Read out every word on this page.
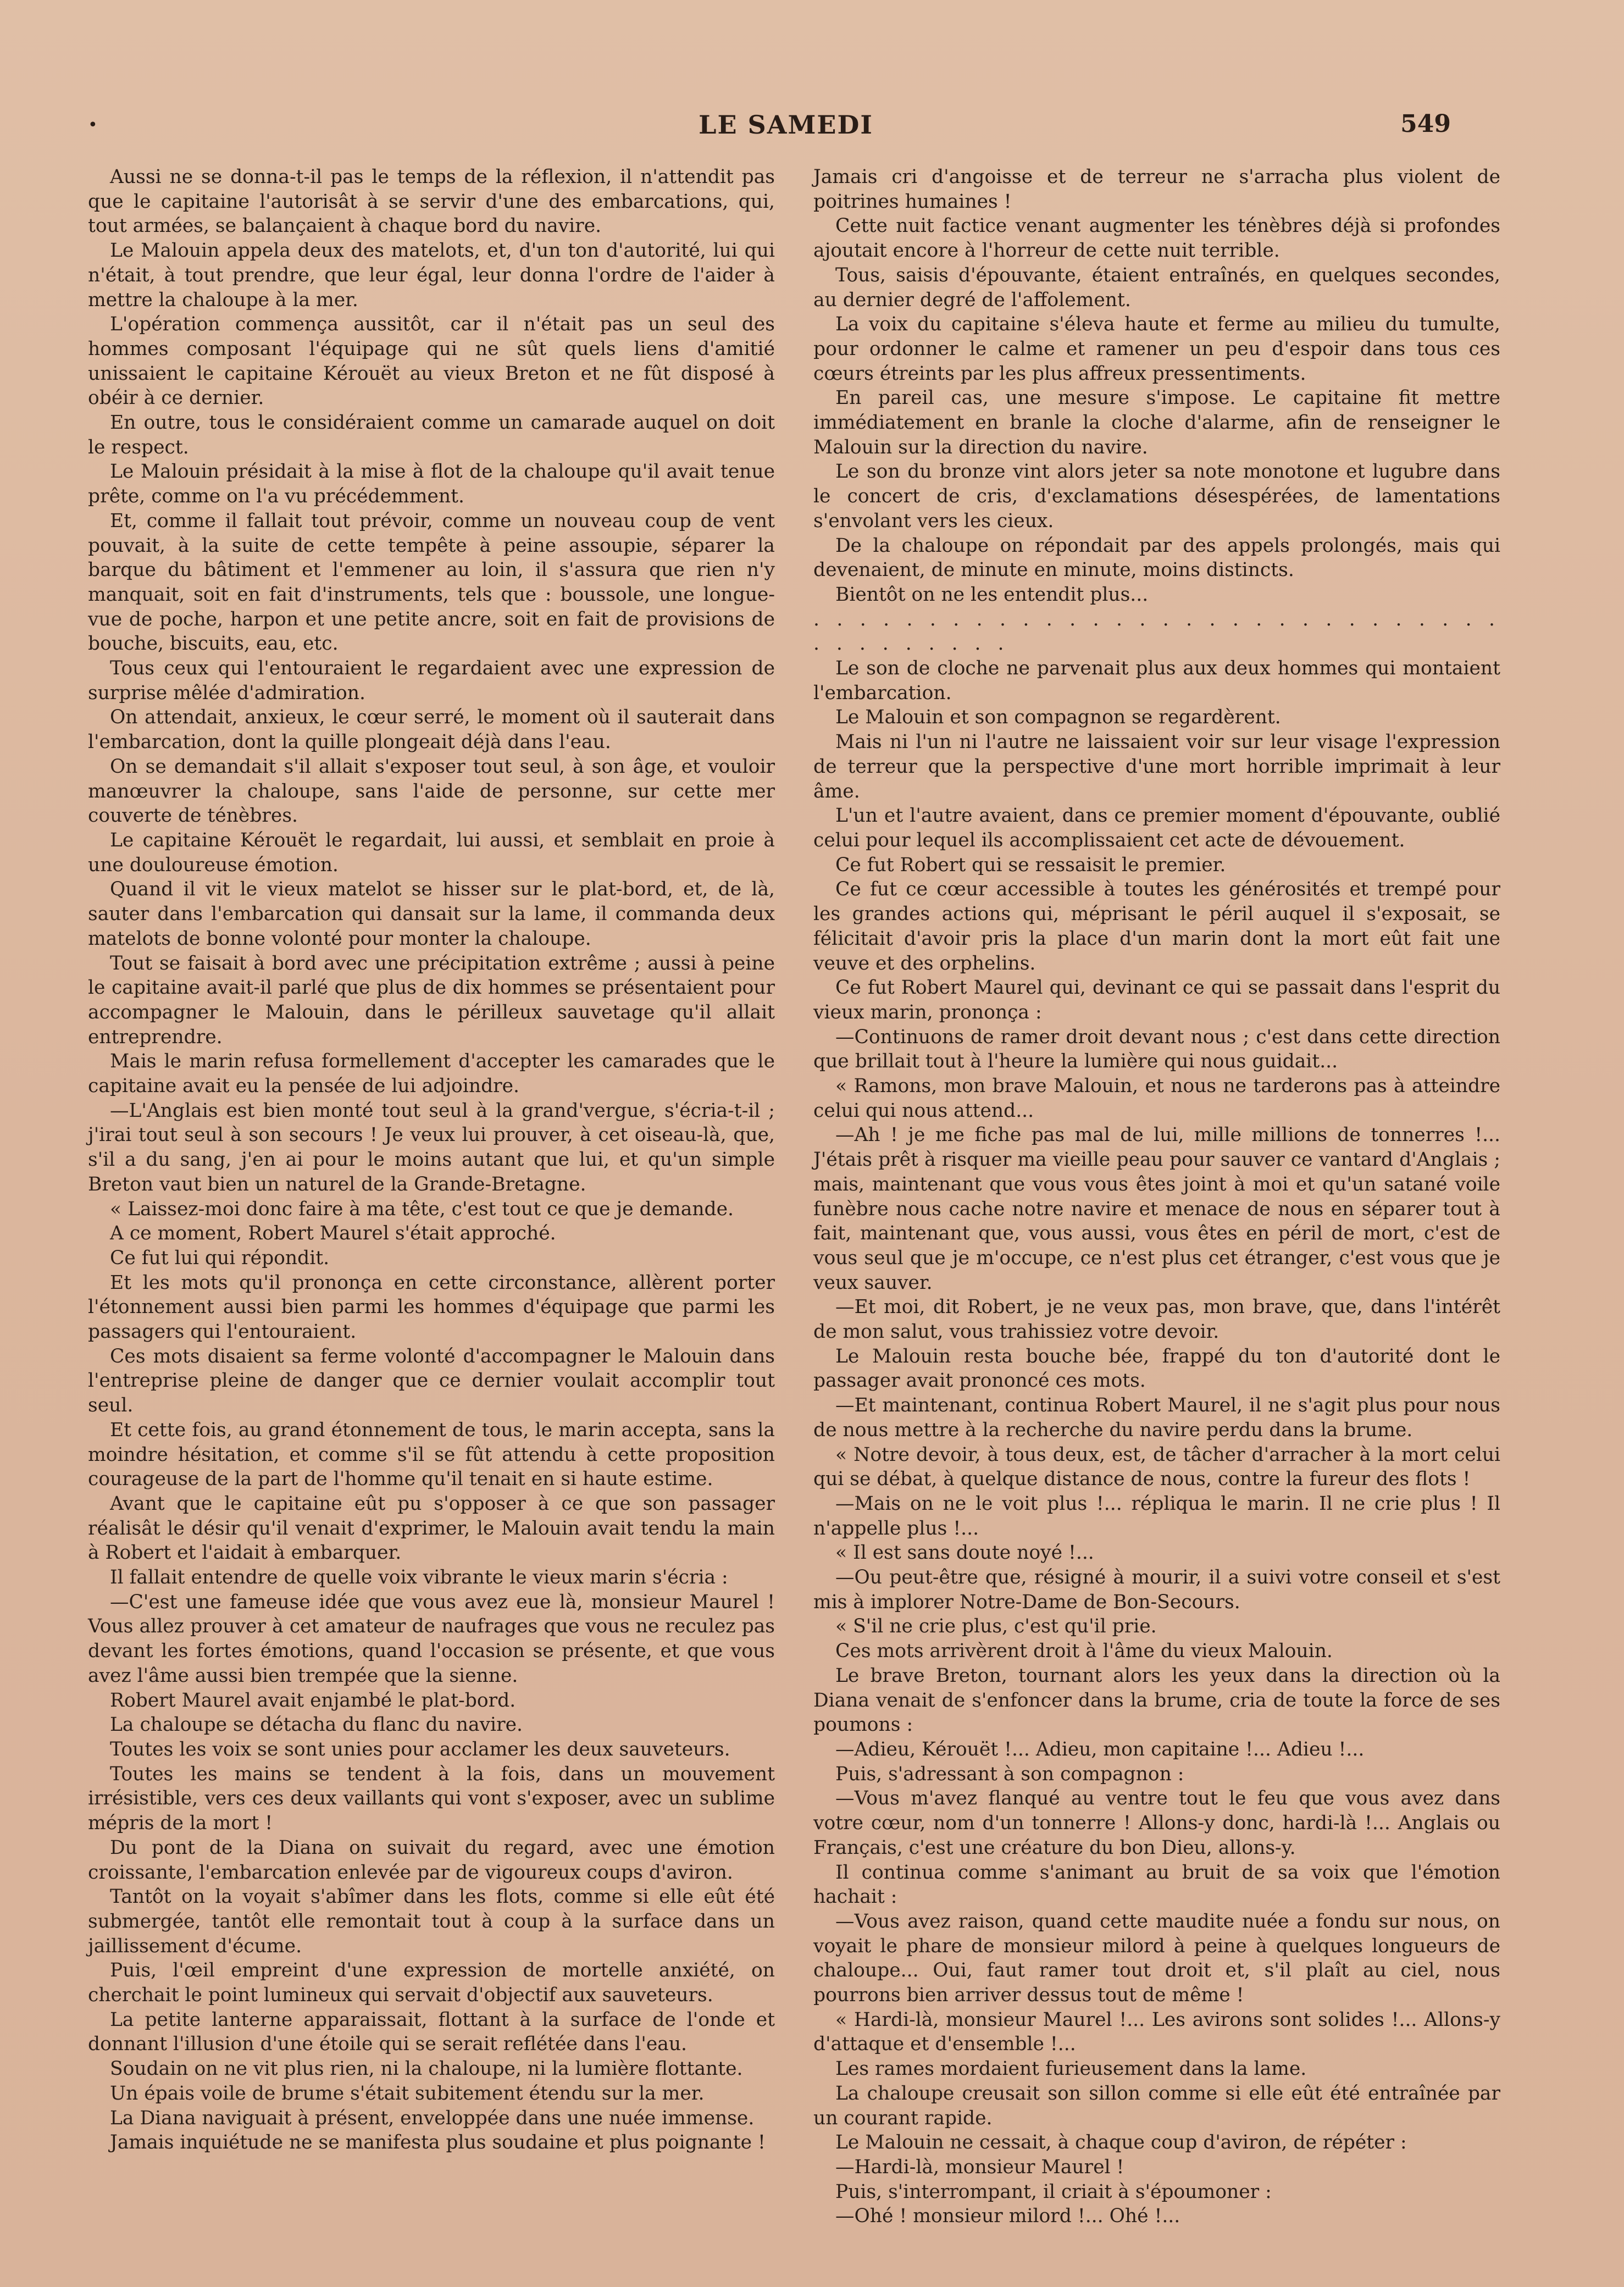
•	LE SAMEDI	549

Aussi ne se donna-t-il pas le temps de la réflexion, il n'attendit pas que le capitaine l'autorisât à se servir d'une des embarcations, qui, tout armées, se balançaient à chaque bord du navire.

Le Malouin appela deux des matelots, et, d'un ton d'autorité, lui qui n'était, à tout prendre, que leur égal, leur donna l'ordre de l'aider à mettre la chaloupe à la mer.

L'opération commença aussitôt, car il n'était pas un seul des hommes composant l'équipage qui ne sût quels liens d'amitié unissaient le capitaine Kérouët au vieux Breton et ne fût disposé à obéir à ce dernier.

En outre, tous le considéraient comme un camarade auquel on doit le respect.

Le Malouin présidait à la mise à flot de la chaloupe qu'il avait tenue prête, comme on l'a vu précédemment.

Et, comme il fallait tout prévoir, comme un nouveau coup de vent pouvait, à la suite de cette tempête à peine assoupie, séparer la barque du bâtiment et l'emmener au loin, il s'assura que rien n'y manquait, soit en fait d'instruments, tels que : boussole, une longue-vue de poche, harpon et une petite ancre, soit en fait de provisions de bouche, biscuits, eau, etc.

Tous ceux qui l'entouraient le regardaient avec une expression de surprise mêlée d'admiration.

On attendait, anxieux, le cœur serré, le moment où il sauterait dans l'embarcation, dont la quille plongeait déjà dans l'eau.

On se demandait s'il allait s'exposer tout seul, à son âge, et vouloir manœuvrer la chaloupe, sans l'aide de personne, sur cette mer couverte de ténèbres.

Le capitaine Kérouët le regardait, lui aussi, et semblait en proie à une douloureuse émotion.

Quand il vit le vieux matelot se hisser sur le plat-bord, et, de là, sauter dans l'embarcation qui dansait sur la lame, il commanda deux matelots de bonne volonté pour monter la chaloupe.

Tout se faisait à bord avec une précipitation extrême ; aussi à peine le capitaine avait-il parlé que plus de dix hommes se présentaient pour accompagner le Malouin, dans le périlleux sauvetage qu'il allait entreprendre.

Mais le marin refusa formellement d'accepter les camarades que le capitaine avait eu la pensée de lui adjoindre.

—L'Anglais est bien monté tout seul à la grand'vergue, s'écria-t-il ; j'irai tout seul à son secours ! Je veux lui prouver, à cet oiseau-là, que, s'il a du sang, j'en ai pour le moins autant que lui, et qu'un simple Breton vaut bien un naturel de la Grande-Bretagne.

« Laissez-moi donc faire à ma tête, c'est tout ce que je demande.

A ce moment, Robert Maurel s'était approché.

Ce fut lui qui répondit.

Et les mots qu'il prononça en cette circonstance, allèrent porter l'étonnement aussi bien parmi les hommes d'équipage que parmi les passagers qui l'entouraient.

Ces mots disaient sa ferme volonté d'accompagner le Malouin dans l'entreprise pleine de danger que ce dernier voulait accomplir tout seul.

Et cette fois, au grand étonnement de tous, le marin accepta, sans la moindre hésitation, et comme s'il se fût attendu à cette proposition courageuse de la part de l'homme qu'il tenait en si haute estime.

Avant que le capitaine eût pu s'opposer à ce que son passager réalisât le désir qu'il venait d'exprimer, le Malouin avait tendu la main à Robert et l'aidait à embarquer.

Il fallait entendre de quelle voix vibrante le vieux marin s'écria :

—C'est une fameuse idée que vous avez eue là, monsieur Maurel ! Vous allez prouver à cet amateur de naufrages que vous ne reculez pas devant les fortes émotions, quand l'occasion se présente, et que vous avez l'âme aussi bien trempée que la sienne.

Robert Maurel avait enjambé le plat-bord.

La chaloupe se détacha du flanc du navire.

Toutes les voix se sont unies pour acclamer les deux sauveteurs.

Toutes les mains se tendent à la fois, dans un mouvement irrésistible, vers ces deux vaillants qui vont s'exposer, avec un sublime mépris de la mort !

Du pont de la Diana on suivait du regard, avec une émotion croissante, l'embarcation enlevée par de vigoureux coups d'aviron.

Tantôt on la voyait s'abîmer dans les flots, comme si elle eût été submergée, tantôt elle remontait tout à coup à la surface dans un jaillissement d'écume.

Puis, l'œil empreint d'une expression de mortelle anxiété, on cherchait le point lumineux qui servait d'objectif aux sauveteurs.

La petite lanterne apparaissait, flottant à la surface de l'onde et donnant l'illusion d'une étoile qui se serait reflétée dans l'eau.

Soudain on ne vit plus rien, ni la chaloupe, ni la lumière flottante.

Un épais voile de brume s'était subitement étendu sur la mer.

La Diana naviguait à présent, enveloppée dans une nuée immense.

Jamais inquiétude ne se manifesta plus soudaine et plus poignante !

Jamais cri d'angoisse et de terreur ne s'arracha plus violent de poitrines humaines !

Cette nuit factice venant augmenter les ténèbres déjà si profondes ajoutait encore à l'horreur de cette nuit terrible.

Tous, saisis d'épouvante, étaient entraînés, en quelques secondes, au dernier degré de l'affolement.

La voix du capitaine s'éleva haute et ferme au milieu du tumulte, pour ordonner le calme et ramener un peu d'espoir dans tous ces cœurs étreints par les plus affreux pressentiments.

En pareil cas, une mesure s'impose. Le capitaine fit mettre immédiatement en branle la cloche d'alarme, afin de renseigner le Malouin sur la direction du navire.

Le son du bronze vint alors jeter sa note monotone et lugubre dans le concert de cris, d'exclamations désespérées, de lamentations s'envolant vers les cieux.

De la chaloupe on répondait par des appels prolongés, mais qui devenaient, de minute en minute, moins distincts.

Bientôt on ne les entendit plus...

. . . . . . . . . . . . . . . . . . . . . . . . . . . . . . . . . . . . . . .

Le son de cloche ne parvenait plus aux deux hommes qui montaient l'embarcation.

Le Malouin et son compagnon se regardèrent.

Mais ni l'un ni l'autre ne laissaient voir sur leur visage l'expression de terreur que la perspective d'une mort horrible imprimait à leur âme.

L'un et l'autre avaient, dans ce premier moment d'épouvante, oublié celui pour lequel ils accomplissaient cet acte de dévouement.

Ce fut Robert qui se ressaisit le premier.

Ce fut ce cœur accessible à toutes les générosités et trempé pour les grandes actions qui, méprisant le péril auquel il s'exposait, se félicitait d'avoir pris la place d'un marin dont la mort eût fait une veuve et des orphelins.

Ce fut Robert Maurel qui, devinant ce qui se passait dans l'esprit du vieux marin, prononça :

—Continuons de ramer droit devant nous ; c'est dans cette direction que brillait tout à l'heure la lumière qui nous guidait...

« Ramons, mon brave Malouin, et nous ne tarderons pas à atteindre celui qui nous attend...

—Ah ! je me fiche pas mal de lui, mille millions de tonnerres !... J'étais prêt à risquer ma vieille peau pour sauver ce vantard d'Anglais ; mais, maintenant que vous vous êtes joint à moi et qu'un satané voile funèbre nous cache notre navire et menace de nous en séparer tout à fait, maintenant que, vous aussi, vous êtes en péril de mort, c'est de vous seul que je m'occupe, ce n'est plus cet étranger, c'est vous que je veux sauver.

—Et moi, dit Robert, je ne veux pas, mon brave, que, dans l'intérêt de mon salut, vous trahissiez votre devoir.

Le Malouin resta bouche bée, frappé du ton d'autorité dont le passager avait prononcé ces mots.

—Et maintenant, continua Robert Maurel, il ne s'agit plus pour nous de nous mettre à la recherche du navire perdu dans la brume.

« Notre devoir, à tous deux, est, de tâcher d'arracher à la mort celui qui se débat, à quelque distance de nous, contre la fureur des flots !

—Mais on ne le voit plus !... répliqua le marin. Il ne crie plus ! Il n'appelle plus !...

« Il est sans doute noyé !...

—Ou peut-être que, résigné à mourir, il a suivi votre conseil et s'est mis à implorer Notre-Dame de Bon-Secours.

« S'il ne crie plus, c'est qu'il prie.

Ces mots arrivèrent droit à l'âme du vieux Malouin.

Le brave Breton, tournant alors les yeux dans la direction où la Diana venait de s'enfoncer dans la brume, cria de toute la force de ses poumons :

—Adieu, Kérouët !... Adieu, mon capitaine !... Adieu !...

Puis, s'adressant à son compagnon :

—Vous m'avez flanqué au ventre tout le feu que vous avez dans votre cœur, nom d'un tonnerre ! Allons-y donc, hardi-là !... Anglais ou Français, c'est une créature du bon Dieu, allons-y.

Il continua comme s'animant au bruit de sa voix que l'émotion hachait :

—Vous avez raison, quand cette maudite nuée a fondu sur nous, on voyait le phare de monsieur milord à peine à quelques longueurs de chaloupe... Oui, faut ramer tout droit et, s'il plaît au ciel, nous pourrons bien arriver dessus tout de même !

« Hardi-là, monsieur Maurel !... Les avirons sont solides !... Allons-y d'attaque et d'ensemble !...

Les rames mordaient furieusement dans la lame.

La chaloupe creusait son sillon comme si elle eût été entraînée par un courant rapide.

Le Malouin ne cessait, à chaque coup d'aviron, de répéter :

—Hardi-là, monsieur Maurel !

Puis, s'interrompant, il criait à s'époumoner :

—Ohé ! monsieur milord !... Ohé !...
